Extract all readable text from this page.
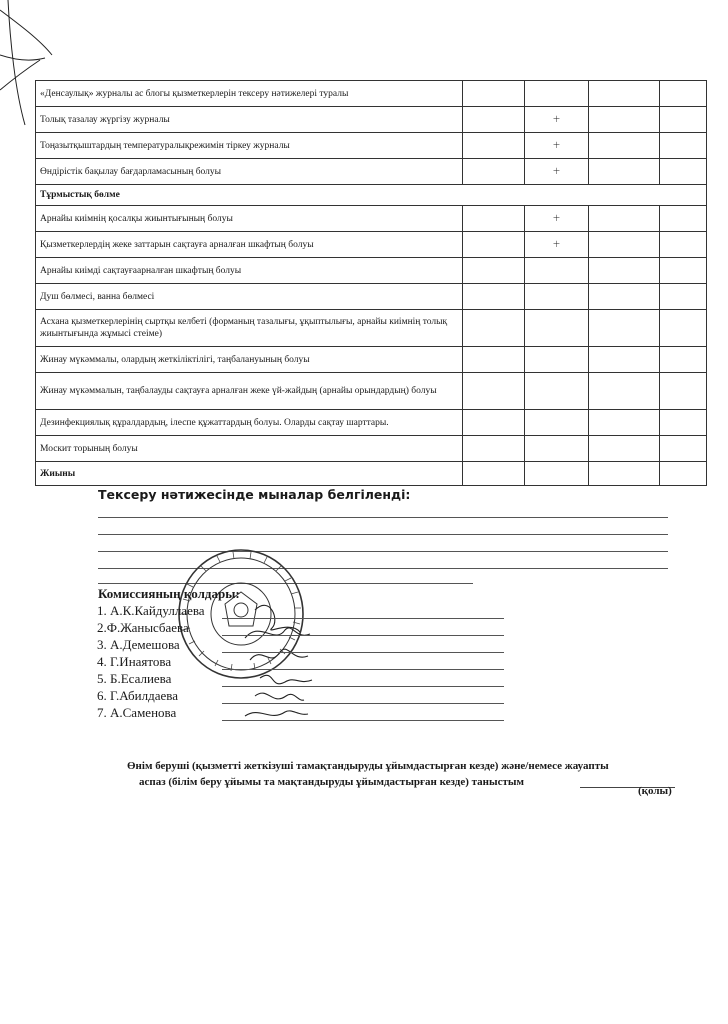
«Денсаулық» журналы ас блогы қызметкерлерін тексеру нәтижелері туралы				
Толық тазалау жүргізу журналы		+		
Тоңазытқыштардың температуралықрежимін тіркеу журналы		+		
Өндірістік бақылау бағдарламасының болуы		+		
Тұрмыстық бөлме				
Арнайы киімнің қосалқы жиынтығының болуы		+		
Қызметкерлердің жеке заттарын сақтауға арналған шкафтың болуы		+		
Арнайы киімді сақтауғаарналған шкафтың болуы				
Душ бөлмесі, ванна бөлмесі				
Асхана қызметкерлерінің сыртқы келбеті (форманың тазалығы, ұқыптылығы, арнайы киімнің толық жиынтығында жұмысі стеіме)				
Жинау мүкәммалы, олардың жеткіліктілігі, таңбалануының болуы				
Жинау мүкәммалын, таңбалауды сақтауға арналған жеке үй-жайдың (арнайы орындардың) болуы				
Дезинфекциялық құралдардың, ілеспе құжаттардың болуы. Оларды сақтау шарттары.				
Москит торының болуы				
Жиыны				
Тексеру нәтижесінде мыналар белгіленді:
Комиссияның қолдары:
1. А.К.Кайдуллаева
2.Ф.Жаныcбаева
3. А.Демешова
4. Г.Инаятова
5. Б.Есалиева
6. Г.Абилдаева
7. А.Саменова
Өнім беруші (қызметті жеткізуші тамақтандыруды ұйымдастырған кезде) және/немесе жауапты
аспаз (білім беру ұйымы та мақтандыруды ұйымдастырған кезде) таныстым
(қолы)
